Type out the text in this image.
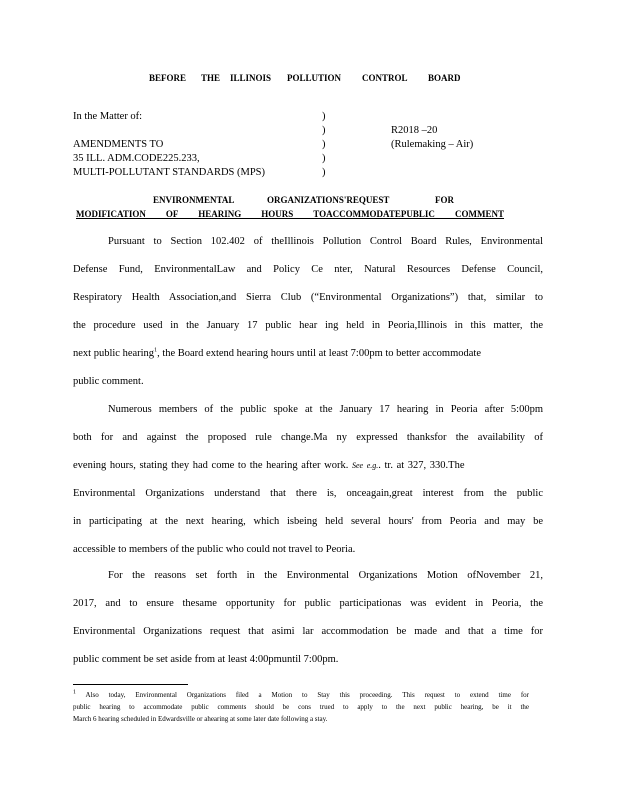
BEFORE THE ILLINOIS POLLUTION CONTROL BOARD
In the Matter of:
AMENDMENTS TO
35 ILL. ADM.CODE225.233,
MULTI-POLLUTANT STANDARDS (MPS)
)
)
)
)
)
R2018 –20
(Rulemaking – Air)
ENVIRONMENTAL	ORGANIZATIONS'REQUEST	FOR
MODIFICATION OF HEARING HOURS TOACCOMMODATEPUBLIC COMMENT
Pursuant to Section 102.402 of theIllinois Pollution Control Board Rules, Environmental
Defense Fund, EnvironmentalLaw and Policy Ce nter, Natural Resources Defense Council,
Respiratory Health Association,and Sierra Club (“Environmental Organizations”) that, similar to
the procedure used in the January 17 public hear ing held in Peoria,Illinois in this matter, the
next public hearing$^1$, the Board extend hearing hours until at least 7:00pm to better accommodate
public comment.
Numerous members of the public spoke at the January 17 hearing in Peoria after 5:00pm
both for and against the proposed rule change.Ma ny expressed thanksfor the availability of
evening hours, stating they had come to the hearing after work. See e.g.. tr. at 327, 330.The
Environmental Organizations understand that there is, onceagain,great interest from the public
in participating at the next hearing, which isbeing held several hours' from Peoria and may be
accessible to members of the public who could not travel to Peoria.
For the reasons set forth in the Environmental Organizations Motion ofNovember 21,
2017, and to ensure thesame opportunity for public participationas was evident in Peoria, the
Environmental Organizations request that asimi lar accommodation be made and that a time for
public comment be set aside from at least 4:00pmuntil 7:00pm.
$^1$ Also today, Environmental Organizations filed a Motion to Stay this proceeding. This request to extend time for
public hearing to accommodate public comments should be cons trued to apply to the next public hearing, be it the
March 6 hearing scheduled in Edwardsville or ahearing at some later date following a stay.
